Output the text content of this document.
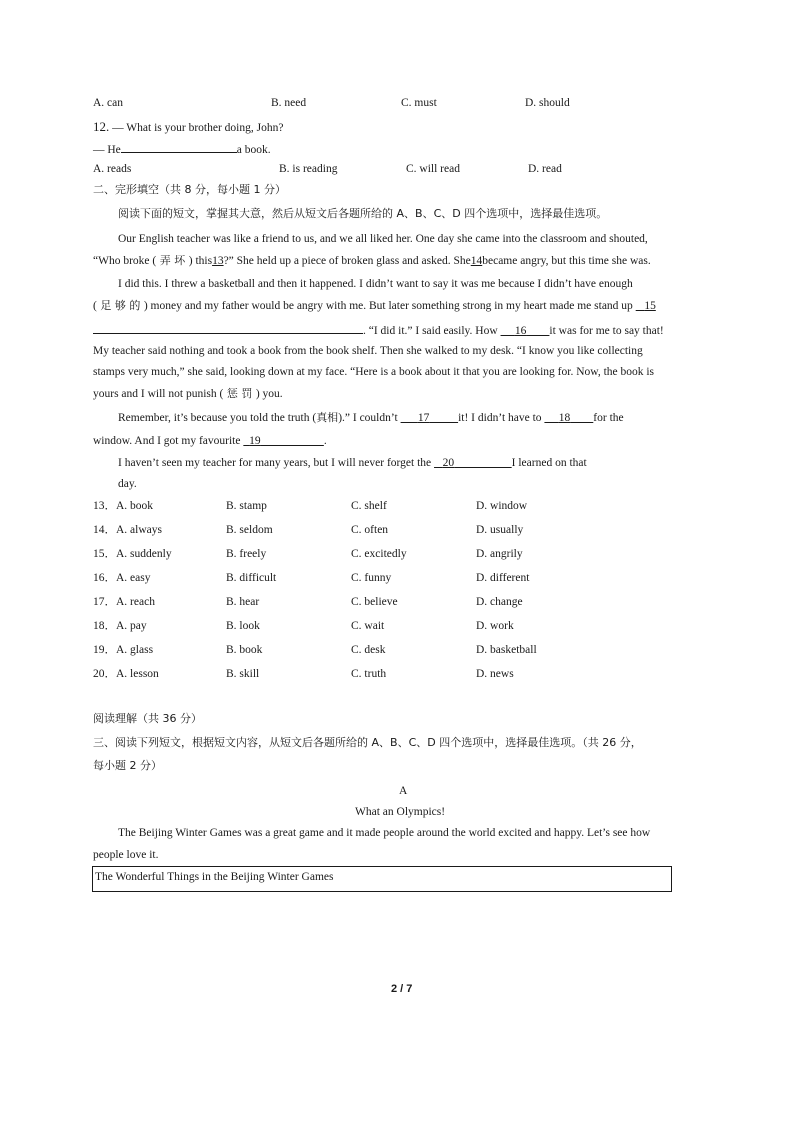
A. can	B. need	C. must	D. should
12. — What is your brother doing, John?
— He	a book.
A. reads	B. is reading	C. will read	D. read
二、完形填空（共 8 分，每小题 1 分）
阅读下面的短文，掌握其大意，然后从短文后各题所给的 A、B、C、D 四个选项中，选择最佳选项。
Our English teacher was like a friend to us, and we all liked her. One day she came into the classroom and shouted,
“Who broke ( 弄 坏 ) this13?” She held up a piece of broken glass and asked. She14became angry, but this time she was.
I did this. I threw a basketball and then it happened. I didn’t want to say it was me because I didn’t have enough
( 足 够 的 ) money and my father would be angry with me. But later something strong in my heart made me stand up 15
. “I did it.” I said easily. How 16 it was for me to say that!
My teacher said nothing and took a book from the book shelf. Then she walked to my desk. “I know you like collecting
stamps very much,” she said, looking down at my face. “Here is a book about it that you are looking for. Now, the book is
yours and I will not punish ( 惩 罚 ) you.
Remember, it’s because you told the truth (真相).” I couldn’t 17	it! I didn’t have to 18 for the
window. And I got my favourite 19	.
I haven’t seen my teacher for many years, but I will never forget the 20	I learned on that
day.
13．A. book	B. stamp	C. shelf	D. window
14．A. always	B. seldom	C. often	D. usually
15．A. suddenly	B. freely	C. excitedly	D. angrily
16．A. easy	B. difficult	C. funny	D. different
17．A. reach	B. hear	C. believe	D. change
18．A. pay	B. look	C. wait	D. work
19．A. glass	B. book	C. desk	D. basketball
20．A. lesson	B. skill	C. truth	D. news
阅读理解（共 36 分）
三、阅读下列短文，根据短文内容，从短文后各题所给的 A、B、C、D 四个选项中，选择最佳选项。（共 26 分，
每小题 2 分）
A
What an Olympics!
The Beijing Winter Games was a great game and it made people around the world excited and happy. Let’s see how
people love it.
The Wonderful Things in the Beijing Winter Games
2 / 7
